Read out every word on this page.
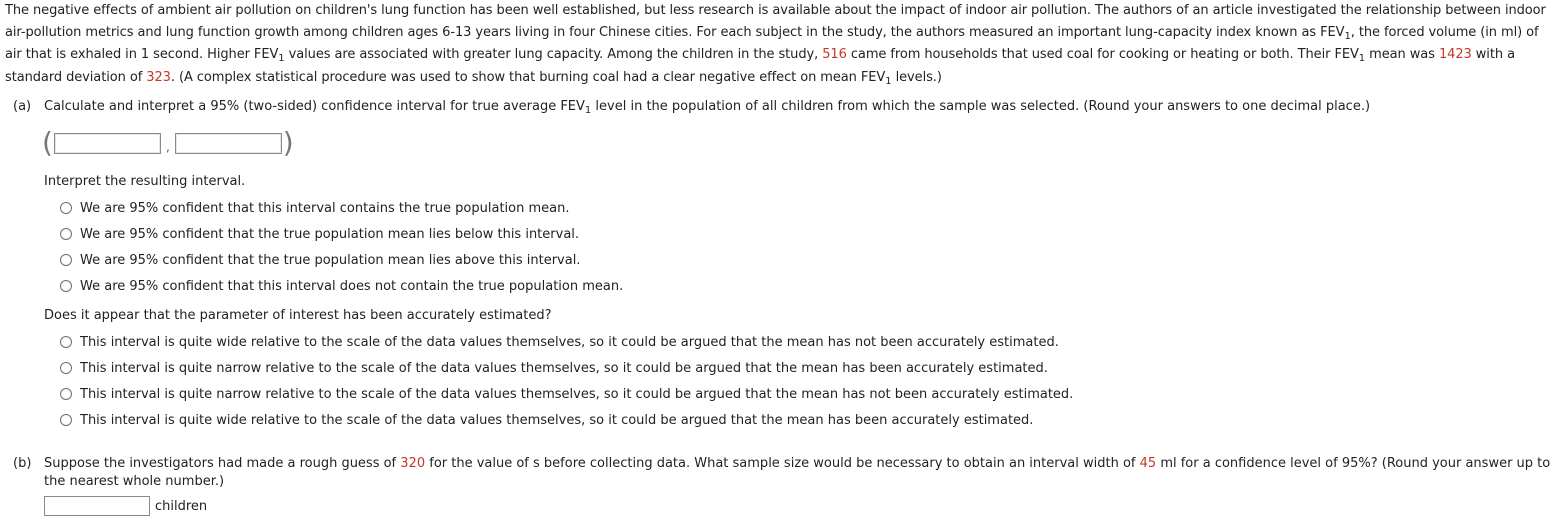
The negative effects of ambient air pollution on children's lung function has been well established, but less research is available about the impact of indoor air pollution. The authors of an article investigated the relationship between indoor air-pollution metrics and lung function growth among children ages 6-13 years living in four Chinese cities. For each subject in the study, the authors measured an important lung-capacity index known as $FEV_1$, the forced volume (in ml) of air that is exhaled in 1 second. Higher $FEV_1$ values are associated with greater lung capacity. Among the children in the study, 516 came from households that used coal for cooking or heating or both. Their $FEV_1$ mean was 1423 with a standard deviation of 323. (A complex statistical procedure was used to show that burning coal had a clear negative effect on mean $FEV_1$ levels.)
(a) Calculate and interpret a 95% (two-sided) confidence interval for true average $FEV_1$ level in the population of all children from which the sample was selected. (Round your answers to one decimal place.)
(	,	)
Interpret the resulting interval.
We are 95% confident that this interval contains the true population mean.
We are 95% confident that the true population mean lies below this interval.
We are 95% confident that the true population mean lies above this interval.
We are 95% confident that this interval does not contain the true population mean.
Does it appear that the parameter of interest has been accurately estimated?
This interval is quite wide relative to the scale of the data values themselves, so it could be argued that the mean has not been accurately estimated.
This interval is quite narrow relative to the scale of the data values themselves, so it could be argued that the mean has been accurately estimated.
This interval is quite narrow relative to the scale of the data values themselves, so it could be argued that the mean has not been accurately estimated.
This interval is quite wide relative to the scale of the data values themselves, so it could be argued that the mean has been accurately estimated.
(b) Suppose the investigators had made a rough guess of 320 for the value of s before collecting data. What sample size would be necessary to obtain an interval width of 45 ml for a confidence level of 95%? (Round your answer up to the nearest whole number.)
children
